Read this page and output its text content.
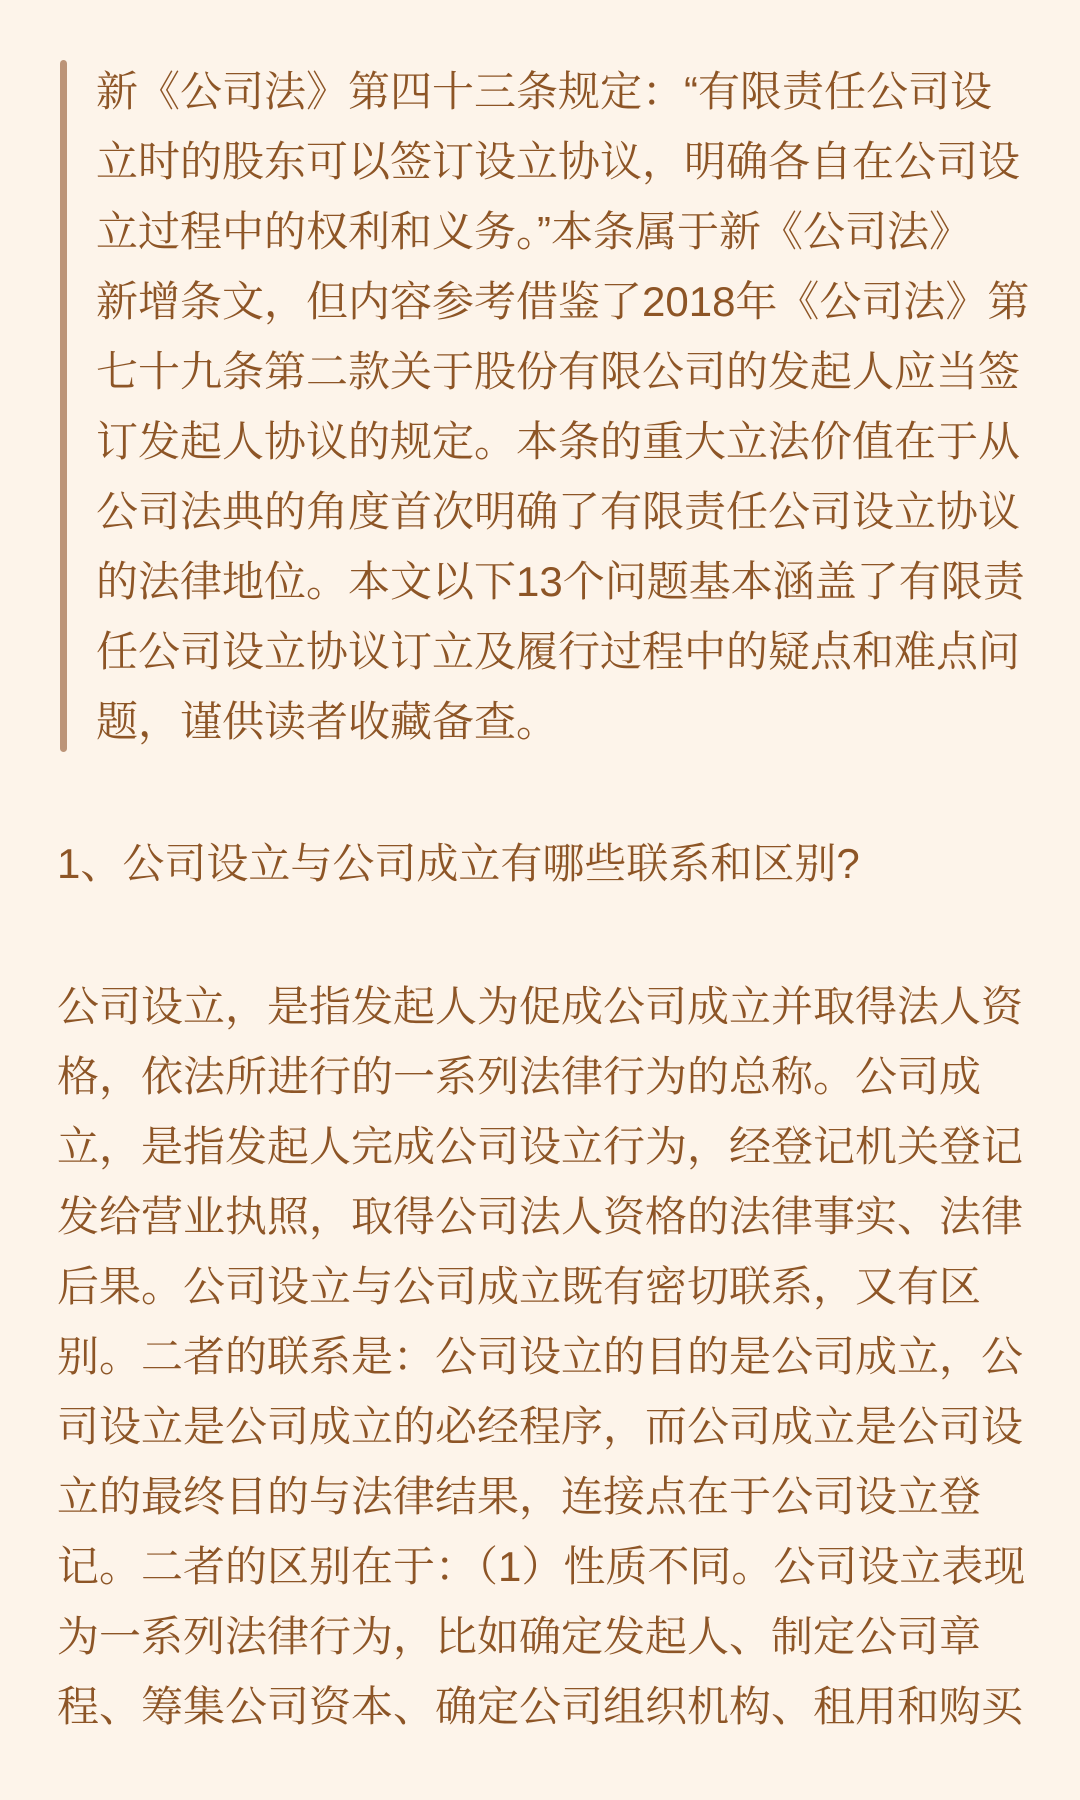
新《公司法》第四十三条规定：“有限责任公司设
立时的股东可以签订设立协议，明确各自在公司设
立过程中的权利和义务。”本条属于新《公司法》
新增条文，但内容参考借鉴了2018年《公司法》第
七十九条第二款关于股份有限公司的发起人应当签
订发起人协议的规定。本条的重大立法价值在于从
公司法典的角度首次明确了有限责任公司设立协议
的法律地位。本文以下13个问题基本涵盖了有限责
任公司设立协议订立及履行过程中的疑点和难点问
题，谨供读者收藏备查。
1、公司设立与公司成立有哪些联系和区别?
公司设立，是指发起人为促成公司成立并取得法人资
格，依法所进行的一系列法律行为的总称。公司成
立，是指发起人完成公司设立行为，经登记机关登记
发给营业执照，取得公司法人资格的法律事实、法律
后果。公司设立与公司成立既有密切联系，又有区
别。二者的联系是：公司设立的目的是公司成立，公
司设立是公司成立的必经程序，而公司成立是公司设
立的最终目的与法律结果，连接点在于公司设立登
记。二者的区别在于：（1）性质不同。公司设立表现
为一系列法律行为，比如确定发起人、制定公司章
程、筹集公司资本、确定公司组织机构、租用和购买
